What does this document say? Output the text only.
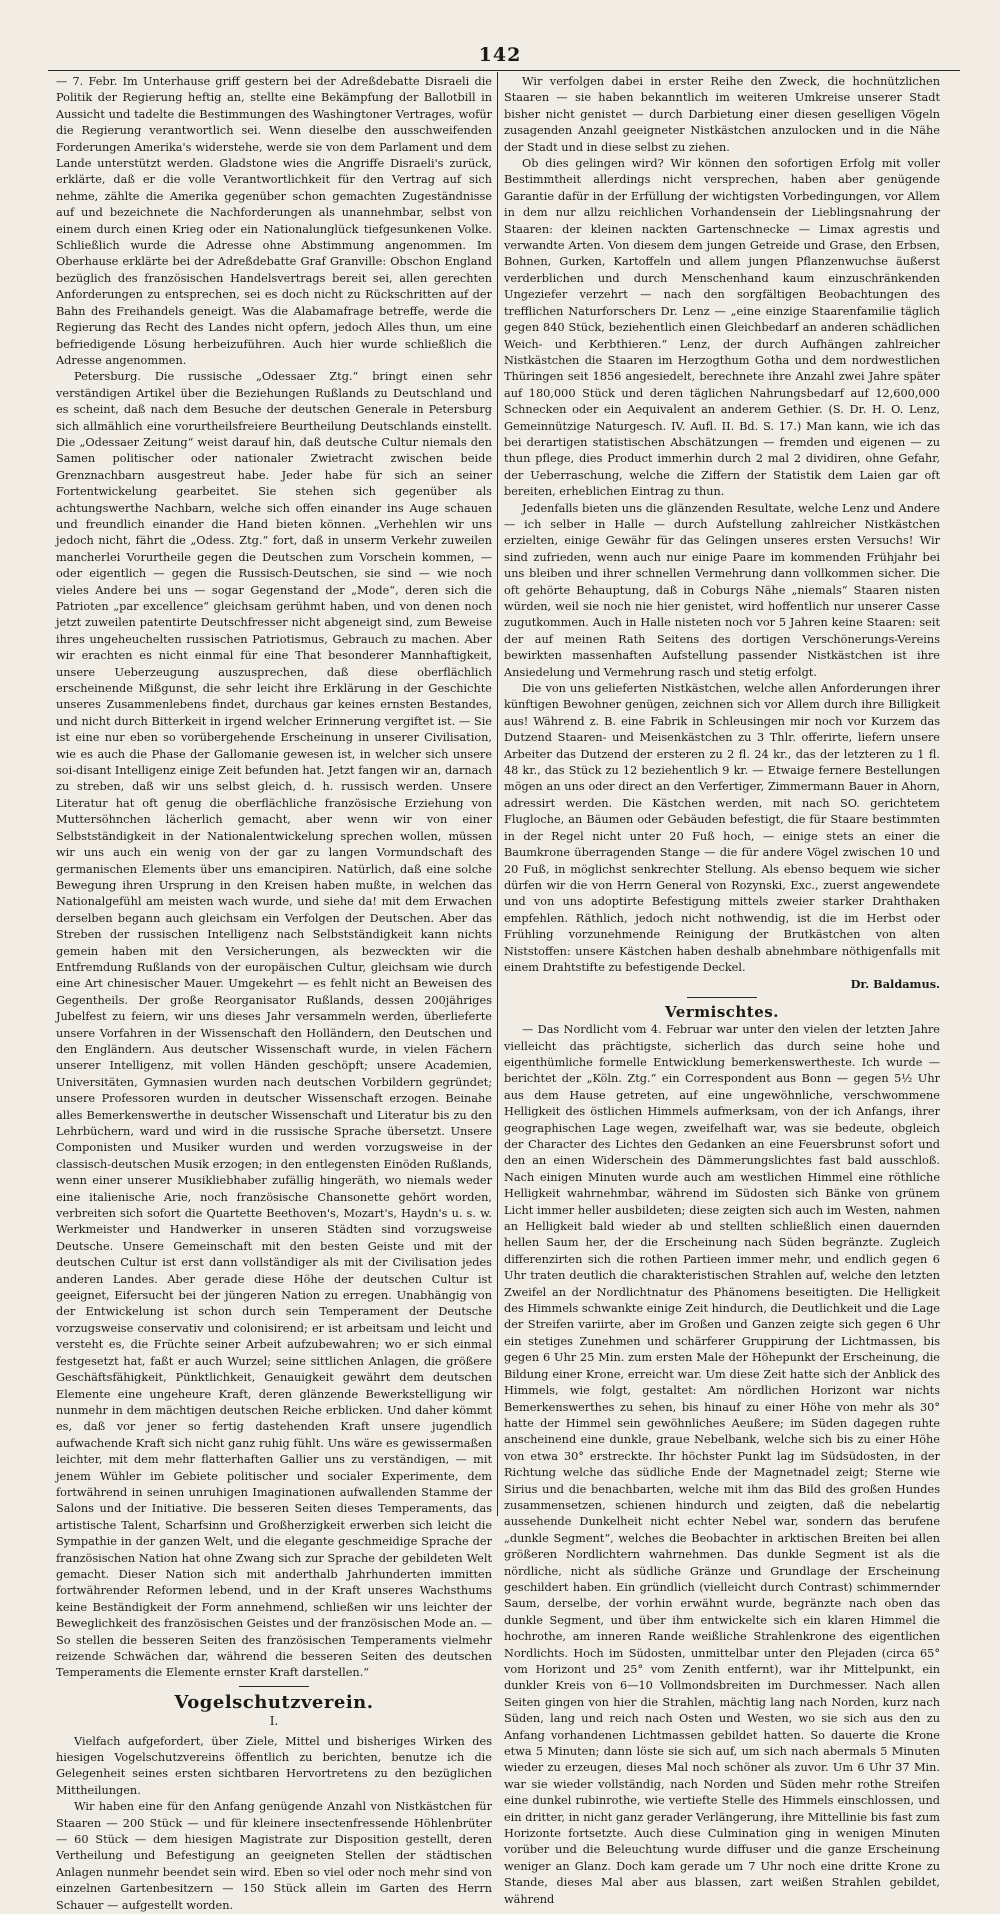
142

— 7. Febr. Im Unterhause griff gestern bei der Adreßdebatte Disraeli die Politik der Regierung heftig an, stellte eine Bekämpfung der Ballotbill in Aussicht und tadelte die Bestimmungen des Washingtoner Vertrages, wofür die Regierung verantwortlich sei. Wenn dieselbe den ausschweifenden Forderungen Amerika's widerstehe, werde sie von dem Parlament und dem Lande unterstützt werden. Gladstone wies die Angriffe Disraeli's zurück, erklärte, daß er die volle Verantwortlichkeit für den Vertrag auf sich nehme, zählte die Amerika gegenüber schon gemachten Zugeständnisse auf und bezeichnete die Nachforderungen als unannehmbar, selbst von einem durch einen Krieg oder ein Nationalunglück tiefgesunkenen Volke. Schließlich wurde die Adresse ohne Abstimmung angenommen. Im Oberhause erklärte bei der Adreßdebatte Graf Granville: Obschon England bezüglich des französischen Handelsvertrags bereit sei, allen gerechten Anforderungen zu entsprechen, sei es doch nicht zu Rückschritten auf der Bahn des Freihandels geneigt. Was die Alabamafrage betreffe, werde die Regierung das Recht des Landes nicht opfern, jedoch Alles thun, um eine befriedigende Lösung herbeizuführen. Auch hier wurde schließlich die Adresse angenommen.

Petersburg. Die russische „Odessaer Ztg.“ bringt einen sehr verständigen Artikel über die Beziehungen Rußlands zu Deutschland und es scheint, daß nach dem Besuche der deutschen Generale in Petersburg sich allmählich eine vorurtheilsfreiere Beurtheilung Deutschlands einstellt. Die „Odessaer Zeitung“ weist darauf hin, daß deutsche Cultur niemals den Samen politischer oder nationaler Zwietracht zwischen beide Grenznachbarn ausgestreut habe. Jeder habe für sich an seiner Fortentwickelung gearbeitet. Sie stehen sich gegenüber als achtungswerthe Nachbarn, welche sich offen einander ins Auge schauen und freundlich einander die Hand bieten können. „Verhehlen wir uns jedoch nicht, fährt die „Odess. Ztg.“ fort, daß in unserm Verkehr zuweilen mancherlei Vorurtheile gegen die Deutschen zum Vorschein kommen, — oder eigentlich — gegen die Russisch-Deutschen, sie sind — wie noch vieles Andere bei uns — sogar Gegenstand der „Mode“, deren sich die Patrioten „par excellence“ gleichsam gerühmt haben, und von denen noch jetzt zuweilen patentirte Deutschfresser nicht abgeneigt sind, zum Beweise ihres ungeheuchelten russischen Patriotismus, Gebrauch zu machen. Aber wir erachten es nicht einmal für eine That besonderer Mannhaftigkeit, unsere Ueberzeugung auszusprechen, daß diese oberflächlich erscheinende Mißgunst, die sehr leicht ihre Erklärung in der Geschichte unseres Zusammenlebens findet, durchaus gar keines ernsten Bestandes, und nicht durch Bitterkeit in irgend welcher Erinnerung vergiftet ist. — Sie ist eine nur eben so vorübergehende Erscheinung in unserer Civilisation, wie es auch die Phase der Gallomanie gewesen ist, in welcher sich unsere soi-disant Intelligenz einige Zeit befunden hat. Jetzt fangen wir an, darnach zu streben, daß wir uns selbst gleich, d. h. russisch werden. Unsere Literatur hat oft genug die oberflächliche französische Erziehung von Muttersöhnchen lächerlich gemacht, aber wenn wir von einer Selbstständigkeit in der Nationalentwickelung sprechen wollen, müssen wir uns auch ein wenig von der gar zu langen Vormundschaft des germanischen Elements über uns emancipiren. Natürlich, daß eine solche Bewegung ihren Ursprung in den Kreisen haben mußte, in welchen das Nationalgefühl am meisten wach wurde, und siehe da! mit dem Erwachen derselben begann auch gleichsam ein Verfolgen der Deutschen. Aber das Streben der russischen Intelligenz nach Selbstständigkeit kann nichts gemein haben mit den Versicherungen, als bezweckten wir die Entfremdung Rußlands von der europäischen Cultur, gleichsam wie durch eine Art chinesischer Mauer. Umgekehrt — es fehlt nicht an Beweisen des Gegentheils. Der große Reorganisator Rußlands, dessen 200jähriges Jubelfest zu feiern, wir uns dieses Jahr versammeln werden, überlieferte unsere Vorfahren in der Wissenschaft den Holländern, den Deutschen und den Engländern. Aus deutscher Wissenschaft wurde, in vielen Fächern unserer Intelligenz, mit vollen Händen geschöpft; unsere Academien, Universitäten, Gymnasien wurden nach deutschen Vorbildern gegründet; unsere Professoren wurden in deutscher Wissenschaft erzogen. Beinahe alles Bemerkenswerthe in deutscher Wissenschaft und Literatur bis zu den Lehrbüchern, ward und wird in die russische Sprache übersetzt. Unsere Componisten und Musiker wurden und werden vorzugsweise in der classisch-deutschen Musik erzogen; in den entlegensten Einöden Rußlands, wenn einer unserer Musikliebhaber zufällig hingeräth, wo niemals weder eine italienische Arie, noch französische Chansonette gehört worden, verbreiten sich sofort die Quartette Beethoven's, Mozart's, Haydn's u. s. w. Werkmeister und Handwerker in unseren Städten sind vorzugsweise Deutsche. Unsere Gemeinschaft mit den besten Geiste und mit der deutschen Cultur ist erst dann vollständiger als mit der Civilisation jedes anderen Landes. Aber gerade diese Höhe der deutschen Cultur ist geeignet, Eifersucht bei der jüngeren Nation zu erregen. Unabhängig von der Entwickelung ist schon durch sein Temperament der Deutsche vorzugsweise conservativ und colonisirend; er ist arbeitsam und leicht und versteht es, die Früchte seiner Arbeit aufzubewahren; wo er sich einmal festgesetzt hat, faßt er auch Wurzel; seine sittlichen Anlagen, die größere Geschäftsfähigkeit, Pünktlichkeit, Genauigkeit gewährt dem deutschen Elemente eine ungeheure Kraft, deren glänzende Bewerkstelligung wir nunmehr in dem mächtigen deutschen Reiche erblicken. Und daher kömmt es, daß vor jener so fertig dastehenden Kraft unsere jugendlich aufwachende Kraft sich nicht ganz ruhig fühlt. Uns wäre es gewissermaßen leichter, mit dem mehr flatterhaften Gallier uns zu verständigen, — mit jenem Wühler im Gebiete politischer und socialer Experimente, dem fortwährend in seinen unruhigen Imaginationen aufwallenden Stamme der Salons und der Initiative. Die besseren Seiten dieses Temperaments, das artistische Talent, Scharfsinn und Großherzigkeit erwerben sich leicht die Sympathie in der ganzen Welt, und die elegante geschmeidige Sprache der französischen Nation hat ohne Zwang sich zur Sprache der gebildeten Welt gemacht. Dieser Nation sich mit anderthalb Jahrhunderten immitten fortwährender Reformen lebend, und in der Kraft unseres Wachsthums keine Beständigkeit der Form annehmend, schließen wir uns leichter der Beweglichkeit des französischen Geistes und der französischen Mode an. — So stellen die besseren Seiten des französischen Temperaments vielmehr reizende Schwächen dar, während die besseren Seiten des deutschen Temperaments die Elemente ernster Kraft darstellen.“

Vogelschutzverein.
I.

Vielfach aufgefordert, über Ziele, Mittel und bisheriges Wirken des hiesigen Vogelschutzvereins öffentlich zu berichten, benutze ich die Gelegenheit seines ersten sichtbaren Hervortretens zu den bezüglichen Mittheilungen.

Wir haben eine für den Anfang genügende Anzahl von Nistkästchen für Staaren — 200 Stück — und für kleinere insectenfressende Höhlenbrüter — 60 Stück — dem hiesigen Magistrate zur Disposition gestellt, deren Vertheilung und Befestigung an geeigneten Stellen der städtischen Anlagen nunmehr beendet sein wird. Eben so viel oder noch mehr sind von einzelnen Gartenbesitzern — 150 Stück allein im Garten des Herrn Schauer — aufgestellt worden.

Wir verfolgen dabei in erster Reihe den Zweck, die hochnützlichen Staaren — sie haben bekanntlich im weiteren Umkreise unserer Stadt bisher nicht genistet — durch Darbietung einer diesen geselligen Vögeln zusagenden Anzahl geeigneter Nistkästchen anzulocken und in die Nähe der Stadt und in diese selbst zu ziehen.

Ob dies gelingen wird? Wir können den sofortigen Erfolg mit voller Bestimmtheit allerdings nicht versprechen, haben aber genügende Garantie dafür in der Erfüllung der wichtigsten Vorbedingungen, vor Allem in dem nur allzu reichlichen Vorhandensein der Lieblingsnahrung der Staaren: der kleinen nackten Gartenschnecke — Limax agrestis und verwandte Arten. Von diesem dem jungen Getreide und Grase, den Erbsen, Bohnen, Gurken, Kartoffeln und allem jungen Pflanzenwuchse äußerst verderblichen und durch Menschenhand kaum einzuschränkenden Ungeziefer verzehrt — nach den sorgfältigen Beobachtungen des trefflichen Naturforschers Dr. Lenz — „eine einzige Staarenfamilie täglich gegen 840 Stück, beziehentlich einen Gleichbedarf an anderen schädlichen Weich- und Kerbthieren.“ Lenz, der durch Aufhängen zahlreicher Nistkästchen die Staaren im Herzogthum Gotha und dem nordwestlichen Thüringen seit 1856 angesiedelt, berechnete ihre Anzahl zwei Jahre später auf 180,000 Stück und deren täglichen Nahrungsbedarf auf 12,600,000 Schnecken oder ein Aequivalent an anderem Gethier. (S. Dr. H. O. Lenz, Gemeinnützige Naturgesch. IV. Aufl. II. Bd. S. 17.) Man kann, wie ich das bei derartigen statistischen Abschätzungen — fremden und eigenen — zu thun pflege, dies Product immerhin durch 2 mal 2 dividiren, ohne Gefahr, der Ueberraschung, welche die Ziffern der Statistik dem Laien gar oft bereiten, erheblichen Eintrag zu thun.

Jedenfalls bieten uns die glänzenden Resultate, welche Lenz und Andere — ich selber in Halle — durch Aufstellung zahlreicher Nistkästchen erzielten, einige Gewähr für das Gelingen unseres ersten Versuchs! Wir sind zufrieden, wenn auch nur einige Paare im kommenden Frühjahr bei uns bleiben und ihrer schnellen Vermehrung dann vollkommen sicher. Die oft gehörte Behauptung, daß in Coburgs Nähe „niemals“ Staaren nisten würden, weil sie noch nie hier genistet, wird hoffentlich nur unserer Casse zugutkommen. Auch in Halle nisteten noch vor 5 Jahren keine Staaren: seit der auf meinen Rath Seitens des dortigen Verschönerungs-Vereins bewirkten massenhaften Aufstellung passender Nistkästchen ist ihre Ansiedelung und Vermehrung rasch und stetig erfolgt.

Die von uns gelieferten Nistkästchen, welche allen Anforderungen ihrer künftigen Bewohner genügen, zeichnen sich vor Allem durch ihre Billigkeit aus! Während z. B. eine Fabrik in Schleusingen mir noch vor Kurzem das Dutzend Staaren- und Meisenkästchen zu 3 Thlr. offerirte, liefern unsere Arbeiter das Dutzend der ersteren zu 2 fl. 24 kr., das der letzteren zu 1 fl. 48 kr., das Stück zu 12 beziehentlich 9 kr. — Etwaige fernere Bestellungen mögen an uns oder direct an den Verfertiger, Zimmermann Bauer in Ahorn, adressirt werden. Die Kästchen werden, mit nach SO. gerichtetem Flugloche, an Bäumen oder Gebäuden befestigt, die für Staare bestimmten in der Regel nicht unter 20 Fuß hoch, — einige stets an einer die Baumkrone überragenden Stange — die für andere Vögel zwischen 10 und 20 Fuß, in möglichst senkrechter Stellung. Als ebenso bequem wie sicher dürfen wir die von Herrn General von Rozynski, Exc., zuerst angewendete und von uns adoptirte Befestigung mittels zweier starker Drahthaken empfehlen. Räthlich, jedoch nicht nothwendig, ist die im Herbst oder Frühling vorzunehmende Reinigung der Brutkästchen von alten Niststoffen: unsere Kästchen haben deshalb abnehmbare nöthigenfalls mit einem Drahtstifte zu befestigende Deckel.

Dr. Baldamus.

Vermischtes.

— Das Nordlicht vom 4. Februar war unter den vielen der letzten Jahre vielleicht das prächtigste, sicherlich das durch seine hohe und eigenthümliche formelle Entwicklung bemerkenswertheste. Ich wurde — berichtet der „Köln. Ztg.“ ein Correspondent aus Bonn — gegen 5½ Uhr aus dem Hause getreten, auf eine ungewöhnliche, verschwommene Helligkeit des östlichen Himmels aufmerksam, von der ich Anfangs, ihrer geographischen Lage wegen, zweifelhaft war, was sie bedeute, obgleich der Character des Lichtes den Gedanken an eine Feuersbrunst sofort und den an einen Widerschein des Dämmerungslichtes fast bald ausschloß. Nach einigen Minuten wurde auch am westlichen Himmel eine röthliche Helligkeit wahrnehmbar, während im Südosten sich Bänke von grünem Licht immer heller ausbildeten; diese zeigten sich auch im Westen, nahmen an Helligkeit bald wieder ab und stellten schließlich einen dauernden hellen Saum her, der die Erscheinung nach Süden begränzte. Zugleich differenzirten sich die rothen Partieen immer mehr, und endlich gegen 6 Uhr traten deutlich die charakteristischen Strahlen auf, welche den letzten Zweifel an der Nordlichtnatur des Phänomens beseitigten. Die Helligkeit des Himmels schwankte einige Zeit hindurch, die Deutlichkeit und die Lage der Streifen variirte, aber im Großen und Ganzen zeigte sich gegen 6 Uhr ein stetiges Zunehmen und schärferer Gruppirung der Lichtmassen, bis gegen 6 Uhr 25 Min. zum ersten Male der Höhepunkt der Erscheinung, die Bildung einer Krone, erreicht war. Um diese Zeit hatte sich der Anblick des Himmels, wie folgt, gestaltet: Am nördlichen Horizont war nichts Bemerkenswerthes zu sehen, bis hinauf zu einer Höhe von mehr als 30° hatte der Himmel sein gewöhnliches Aeußere; im Süden dagegen ruhte anscheinend eine dunkle, graue Nebelbank, welche sich bis zu einer Höhe von etwa 30° erstreckte. Ihr höchster Punkt lag im Südsüdosten, in der Richtung welche das südliche Ende der Magnetnadel zeigt; Sterne wie Sirius und die benachbarten, welche mit ihm das Bild des großen Hundes zusammensetzen, schienen hindurch und zeigten, daß die nebelartig aussehende Dunkelheit nicht echter Nebel war, sondern das berufene „dunkle Segment“, welches die Beobachter in arktischen Breiten bei allen größeren Nordlichtern wahrnehmen. Das dunkle Segment ist als die nördliche, nicht als südliche Gränze und Grundlage der Erscheinung geschildert haben. Ein gründlich (vielleicht durch Contrast) schimmernder Saum, derselbe, der vorhin erwähnt wurde, begränzte nach oben das dunkle Segment, und über ihm entwickelte sich ein klaren Himmel die hochrothe, am inneren Rande weißliche Strahlenkrone des eigentlichen Nordlichts. Hoch im Südosten, unmittelbar unter den Plejaden (circa 65° vom Horizont und 25° vom Zenith entfernt), war ihr Mittelpunkt, ein dunkler Kreis von 6—10 Vollmondsbreiten im Durchmesser. Nach allen Seiten gingen von hier die Strahlen, mächtig lang nach Norden, kurz nach Süden, lang und reich nach Osten und Westen, wo sie sich aus den zu Anfang vorhandenen Lichtmassen gebildet hatten. So dauerte die Krone etwa 5 Minuten; dann löste sie sich auf, um sich nach abermals 5 Minuten wieder zu erzeugen, dieses Mal noch schöner als zuvor. Um 6 Uhr 37 Min. war sie wieder vollständig, nach Norden und Süden mehr rothe Streifen eine dunkel rubinrothe, wie vertiefte Stelle des Himmels einschlossen, und ein dritter, in nicht ganz gerader Verlängerung, ihre Mittellinie bis fast zum Horizonte fortsetzte. Auch diese Culmination ging in wenigen Minuten vorüber und die Beleuchtung wurde diffuser und die ganze Erscheinung weniger an Glanz. Doch kam gerade um 7 Uhr noch eine dritte Krone zu Stande, dieses Mal aber aus blassen, zart weißen Strahlen gebildet, während
